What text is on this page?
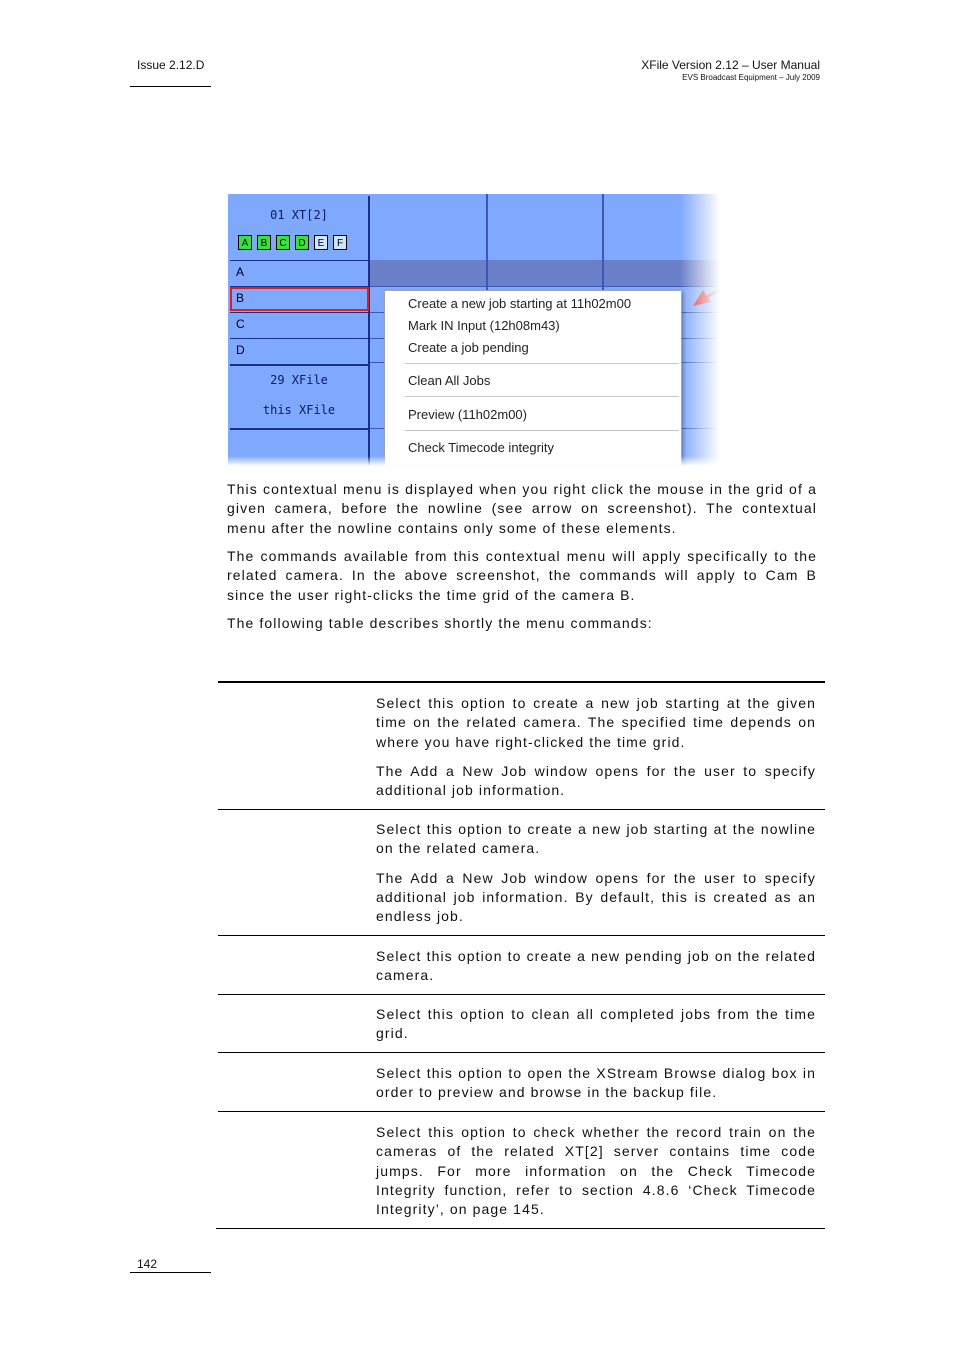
Issue 2.12.D	XFile Version 2.12 – User Manual
EVS Broadcast Equipment – July 2009
01 XT[2]
A	B	C	D	E	F
A
B
C
D
29 XFile
this XFile
Create a new job starting at 11h02m00
Mark IN Input (12h08m43)
Create a job pending
Clean All Jobs
Preview (11h02m00)
Check Timecode integrity
This contextual menu is displayed when you right click the mouse in the grid of a given camera, before the nowline (see arrow on screenshot). The contextual menu after the nowline contains only some of these elements.
The commands available from this contextual menu will apply specifically to the related camera. In the above screenshot, the commands will apply to Cam B since the user right-clicks the time grid of the camera B.
The following table describes shortly the menu commands:

Select this option to create a new job starting at the given time on the related camera. The specified time depends on where you have right-clicked the time grid.

The Add a New Job window opens for the user to specify additional job information.

Select this option to create a new job starting at the nowline on the related camera.

The Add a New Job window opens for the user to specify additional job information. By default, this is created as an endless job.

Select this option to create a new pending job on the related camera.

Select this option to clean all completed jobs from the time grid.

Select this option to open the XStream Browse dialog box in order to preview and browse in the backup file.

Select this option to check whether the record train on the cameras of the related XT[2] server contains time code jumps. For more information on the Check Timecode Integrity function, refer to section 4.8.6 ‘Check Timecode Integrity’, on page 145.

142
